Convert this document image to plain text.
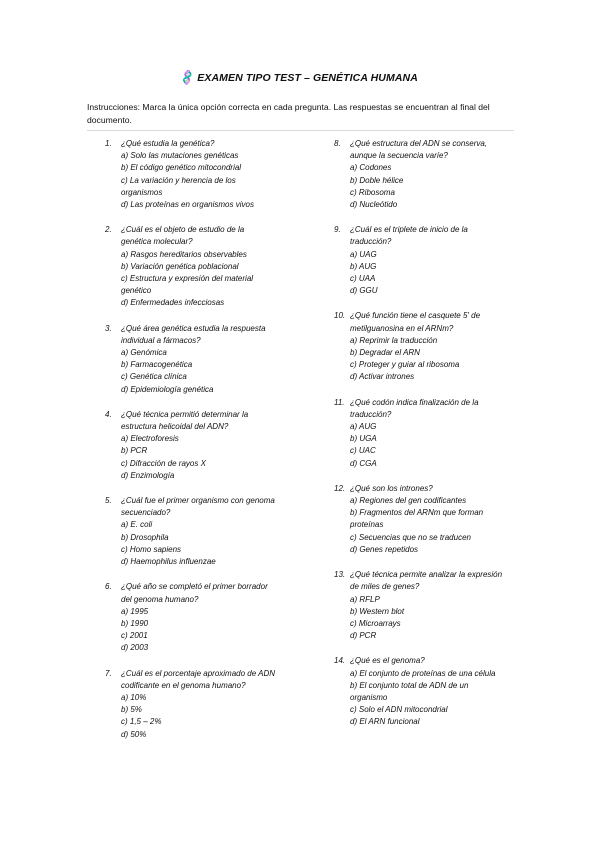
🧬EXAMEN TIPO TEST – GENÉTICA HUMANA
Instrucciones: Marca la única opción correcta en cada pregunta. Las respuestas se encuentran al final del documento.
1.	¿Qué estudia la genética?
a) Solo las mutaciones genéticas
b) El código genético mitocondrial
c) La variación y herencia de los organismos
d) Las proteínas en organismos vivos
2.	¿Cuál es el objeto de estudio de la genética molecular?
a) Rasgos hereditarios observables
b) Variación genética poblacional
c) Estructura y expresión del material genético
d) Enfermedades infecciosas
3.	¿Qué área genética estudia la respuesta individual a fármacos?
a) Genómica
b) Farmacogenética
c) Genética clínica
d) Epidemiología genética
4.	¿Qué técnica permitió determinar la estructura helicoidal del ADN?
a) Electroforesis
b) PCR
c) Difracción de rayos X
d) Enzimología
5.	¿Cuál fue el primer organismo con genoma secuenciado?
a) E. coli
b) Drosophila
c) Homo sapiens
d) Haemophilus influenzae
6.	¿Qué año se completó el primer borrador del genoma humano?
a) 1995
b) 1990
c) 2001
d) 2003
7.	¿Cuál es el porcentaje aproximado de ADN codificante en el genoma humano?
a) 10%
b) 5%
c) 1,5 – 2%
d) 50%
8.	¿Qué estructura del ADN se conserva, aunque la secuencia varíe?
a) Codones
b) Doble hélice
c) Ribosoma
d) Nucleótido
9.	¿Cuál es el triplete de inicio de la traducción?
a) UAG
b) AUG
c) UAA
d) GGU
10. ¿Qué función tiene el casquete 5' de metilguanosina en el ARNm?
a) Reprimir la traducción
b) Degradar el ARN
c) Proteger y guiar al ribosoma
d) Activar intrones
11. ¿Qué codón indica finalización de la traducción?
a) AUG
b) UGA
c) UAC
d) CGA
12. ¿Qué son los intrones?
a) Regiones del gen codificantes
b) Fragmentos del ARNm que forman proteínas
c) Secuencias que no se traducen
d) Genes repetidos
13. ¿Qué técnica permite analizar la expresión de miles de genes?
a) RFLP
b) Western blot
c) Microarrays
d) PCR
14. ¿Qué es el genoma?
a) El conjunto de proteínas de una célula
b) El conjunto total de ADN de un organismo
c) Solo el ADN mitocondrial
d) El ARN funcional
